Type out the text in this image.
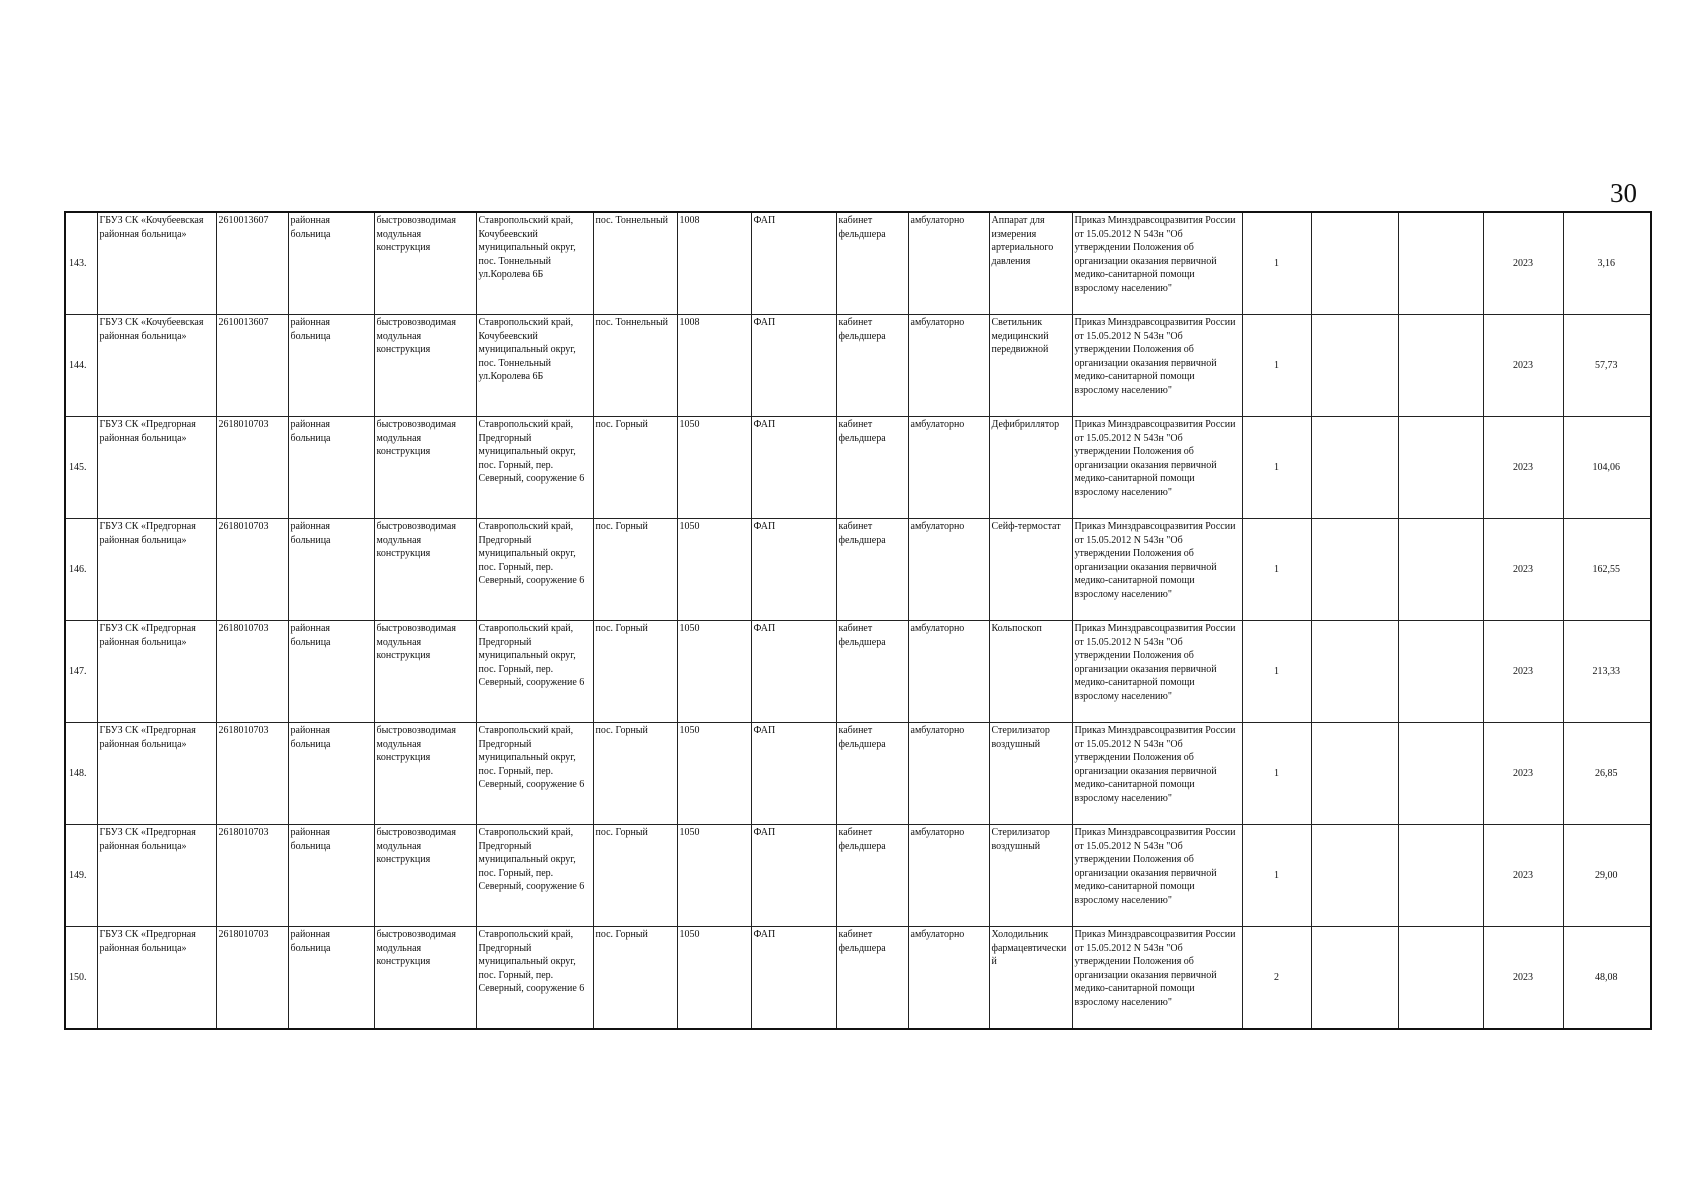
30
143.	ГБУЗ СК «Кочубеевская районная больница»	2610013607	районная больница	быстровозводимая модульная конструкция	Ставропольский край, Кочубеевский муниципальный округ, пос. Тоннельный ул.Королева 6Б	пос. Тоннельный	1008	ФАП	кабинет фельдшера	амбулаторно	Аппарат для измерения артериального давления	Приказ Минздравсоцразвития России от 15.05.2012 N 543н "Об утверждении Положения об организации оказания первичной медико-санитарной помощи взрослому населению"	1			2023	3,16
144.	ГБУЗ СК «Кочубеевская районная больница»	2610013607	районная больница	быстровозводимая модульная конструкция	Ставропольский край, Кочубеевский муниципальный округ, пос. Тоннельный ул.Королева 6Б	пос. Тоннельный	1008	ФАП	кабинет фельдшера	амбулаторно	Светильник медицинский передвижной	Приказ Минздравсоцразвития России от 15.05.2012 N 543н "Об утверждении Положения об организации оказания первичной медико-санитарной помощи взрослому населению"	1			2023	57,73
145.	ГБУЗ СК «Предгорная районная больница»	2618010703	районная больница	быстровозводимая модульная конструкция	Ставропольский край, Предгорный муниципальный округ, пос. Горный, пер. Северный, сооружение 6	пос. Горный	1050	ФАП	кабинет фельдшера	амбулаторно	Дефибриллятор	Приказ Минздравсоцразвития России от 15.05.2012 N 543н "Об утверждении Положения об организации оказания первичной медико-санитарной помощи взрослому населению"	1			2023	104,06
146.	ГБУЗ СК «Предгорная районная больница»	2618010703	районная больница	быстровозводимая модульная конструкция	Ставропольский край, Предгорный муниципальный округ, пос. Горный, пер. Северный, сооружение 6	пос. Горный	1050	ФАП	кабинет фельдшера	амбулаторно	Сейф-термостат	Приказ Минздравсоцразвития России от 15.05.2012 N 543н "Об утверждении Положения об организации оказания первичной медико-санитарной помощи взрослому населению"	1			2023	162,55
147.	ГБУЗ СК «Предгорная районная больница»	2618010703	районная больница	быстровозводимая модульная конструкция	Ставропольский край, Предгорный муниципальный округ, пос. Горный, пер. Северный, сооружение 6	пос. Горный	1050	ФАП	кабинет фельдшера	амбулаторно	Кольпоскоп	Приказ Минздравсоцразвития России от 15.05.2012 N 543н "Об утверждении Положения об организации оказания первичной медико-санитарной помощи взрослому населению"	1			2023	213,33
148.	ГБУЗ СК «Предгорная районная больница»	2618010703	районная больница	быстровозводимая модульная конструкция	Ставропольский край, Предгорный муниципальный округ, пос. Горный, пер. Северный, сооружение 6	пос. Горный	1050	ФАП	кабинет фельдшера	амбулаторно	Стерилизатор воздушный	Приказ Минздравсоцразвития России от 15.05.2012 N 543н "Об утверждении Положения об организации оказания первичной медико-санитарной помощи взрослому населению"	1			2023	26,85
149.	ГБУЗ СК «Предгорная районная больница»	2618010703	районная больница	быстровозводимая модульная конструкция	Ставропольский край, Предгорный муниципальный округ, пос. Горный, пер. Северный, сооружение 6	пос. Горный	1050	ФАП	кабинет фельдшера	амбулаторно	Стерилизатор воздушный	Приказ Минздравсоцразвития России от 15.05.2012 N 543н "Об утверждении Положения об организации оказания первичной медико-санитарной помощи взрослому населению"	1			2023	29,00
150.	ГБУЗ СК «Предгорная районная больница»	2618010703	районная больница	быстровозводимая модульная конструкция	Ставропольский край, Предгорный муниципальный округ, пос. Горный, пер. Северный, сооружение 6	пос. Горный	1050	ФАП	кабинет фельдшера	амбулаторно	Холодильник фармацевтический	Приказ Минздравсоцразвития России от 15.05.2012 N 543н "Об утверждении Положения об организации оказания первичной медико-санитарной помощи взрослому населению"	2			2023	48,08
